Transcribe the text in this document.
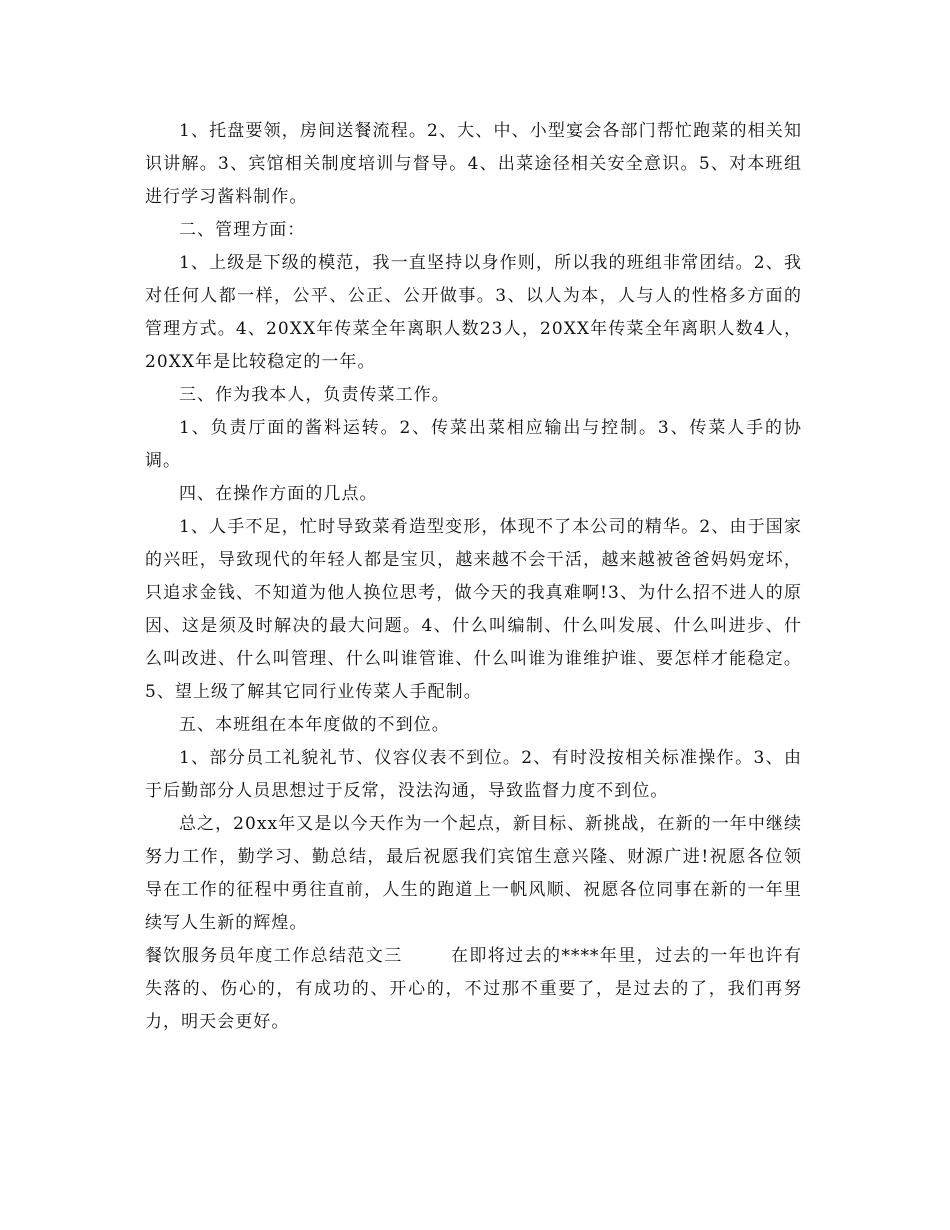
1、托盘要领，房间送餐流程。2、大、中、小型宴会各部门帮忙跑菜的相关知识讲解。3、宾馆相关制度培训与督导。4、出菜途径相关安全意识。5、对本班组进行学习酱料制作。

二、管理方面：

1、上级是下级的模范，我一直坚持以身作则，所以我的班组非常团结。2、我对任何人都一样，公平、公正、公开做事。3、以人为本，人与人的性格多方面的管理方式。4、20XX年传菜全年离职人数23人，20XX年传菜全年离职人数4人，20XX年是比较稳定的一年。

三、作为我本人，负责传菜工作。

1、负责厅面的酱料运转。2、传菜出菜相应输出与控制。3、传菜人手的协调。

四、在操作方面的几点。

1、人手不足，忙时导致菜肴造型变形，体现不了本公司的精华。2、由于国家的兴旺，导致现代的年轻人都是宝贝，越来越不会干活，越来越被爸爸妈妈宠坏，只追求金钱、不知道为他人换位思考，做今天的我真难啊!3、为什么招不进人的原因、这是须及时解决的最大问题。4、什么叫编制、什么叫发展、什么叫进步、什么叫改进、什么叫管理、什么叫谁管谁、什么叫谁为谁维护谁、要怎样才能稳定。5、望上级了解其它同行业传菜人手配制。

五、本班组在本年度做的不到位。

1、部分员工礼貌礼节、仪容仪表不到位。2、有时没按相关标准操作。3、由于后勤部分人员思想过于反常，没法沟通，导致监督力度不到位。

总之，20xx年又是以今天作为一个起点，新目标、新挑战，在新的一年中继续努力工作，勤学习、勤总结，最后祝愿我们宾馆生意兴隆、财源广进!祝愿各位领导在工作的征程中勇往直前，人生的跑道上一帆风顺、祝愿各位同事在新的一年里续写人生新的辉煌。

餐饮服务员年度工作总结范文三	在即将过去的****年里，过去的一年也许有失落的、伤心的，有成功的、开心的，不过那不重要了，是过去的了，我们再努力，明天会更好。
